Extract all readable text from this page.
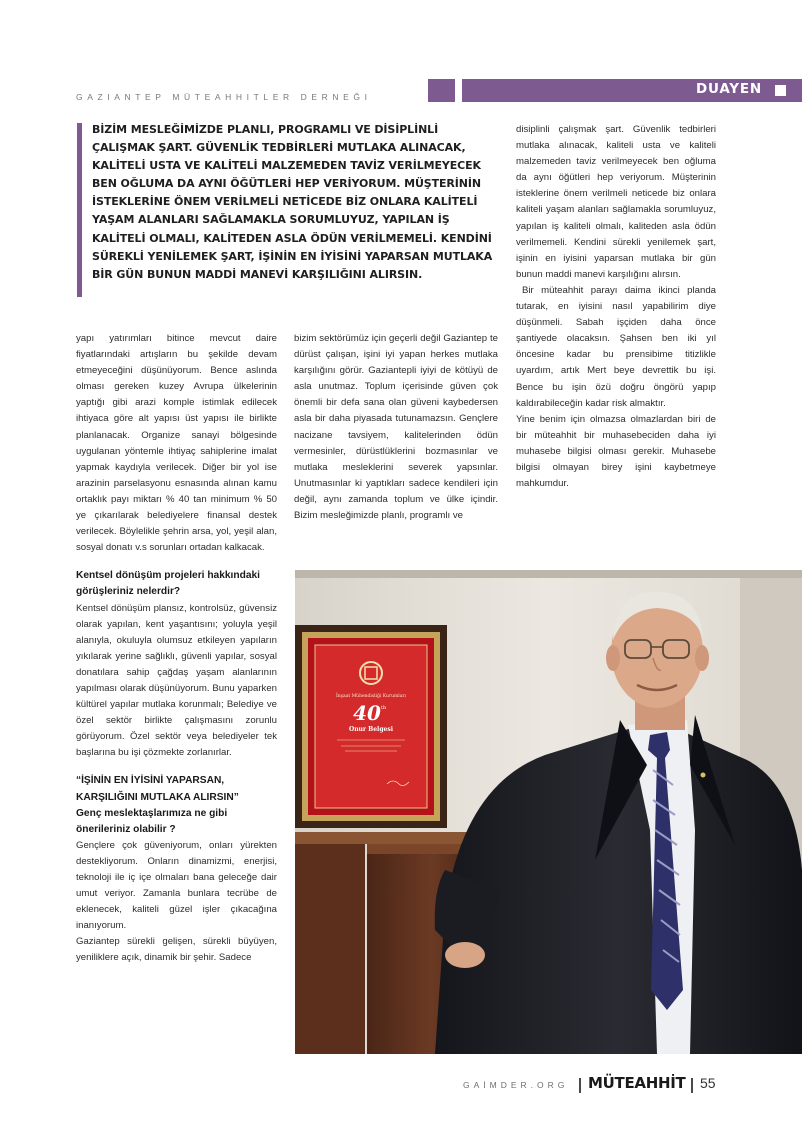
GAZIANTEP MÜTEAHHITLER DERNEĞI	DUAYEN
BİZİM MESLEĞİMİZDE PLANLI, PROGRAMLI VE DİSİPLİNLİ ÇALIŞMAK ŞART. GÜVENLİK TEDBİRLERİ MUTLAKA ALINACAK, KALİTELİ USTA VE KALİTELİ MALZEMEDEN TAVİZ VERİLMEYECEK BEN OĞLUMA DA AYNI ÖĞÜTLERİ HEP VERİYORUM. MÜŞTERİNİN İSTEKLERİNE ÖNEM VERİLMELİ NETİCEDE BİZ ONLARA KALİTELİ YAŞAM ALANLARI SAĞLAMAKLA SORUMLUYUZ, YAPILAN İŞ KALİTELİ OLMALI, KALİTEDEN ASLA ÖDÜN VERİLMEMELİ. KENDİNİ SÜREKLİ YENİLEMEK ŞART, İŞİNİN EN İYİSİNİ YAPARSAN MUTLAKA BİR GÜN BUNUN MADDİ MANEVİ KARŞILIĞINI ALIRSIN.

yapı yatırımları bitince mevcut daire fiyatlarındaki artışların bu şekilde devam etmeyeceğini düşünüyorum. Bence aslında olması gereken kuzey Avrupa ülkelerinin yaptığı gibi arazi komple istimlak edilecek ihtiyaca göre alt yapısı üst yapısı ile birlikte planlanacak. Organize sanayi bölgesinde uygulanan yöntemle ihtiyaç sahiplerine imalat yapmak kaydıyla verilecek. Diğer bir yol ise arazinin parselasyonu esnasında alınan kamu ortaklık payı miktarı % 40 tan minimum % 50 ye çıkarılarak belediyelere finansal destek verilecek. Böylelikle şehrin arsa, yol, yeşil alan, sosyal donatı v.s sorunları ortadan kalkacak.

Kentsel dönüşüm projeleri hakkındaki görüşleriniz nelerdir?

Kentsel dönüşüm plansız, kontrolsüz, güvensiz olarak yapılan, kent yaşantısını; yoluyla yeşil alanıyla, okuluyla olumsuz etkileyen yapıların yıkılarak yerine sağlıklı, güvenli yapılar, sosyal donatılara sahip çağdaş yaşam alanlarının yapılması olarak düşünüyorum. Bunu yaparken kültürel yapılar mutlaka korunmalı; Belediye ve özel sektör birlikte çalışmasını zorunlu görüyorum. Özel sektör veya belediyeler tek başlarına bu işi çözmekte zorlanırlar.

“İŞİNİN EN İYİSİNİ YAPARSAN, KARŞILIĞINI MUTLAKA ALIRSIN”
Genç meslektaşlarımıza ne gibi önerileriniz olabilir ?

Gençlere çok güveniyorum, onları yürekten destekliyorum. Onların dinamizmi, enerjisi, teknoloji ile iç içe olmaları bana geleceğe dair umut veriyor. Zamanla bunlara tecrübe de eklenecek, kaliteli güzel işler çıkacağına inanıyorum.

Gaziantep sürekli gelişen, sürekli büyüyen, yeniliklere açık, dinamik bir şehir. Sadece

bizim sektörümüz için geçerli değil Gaziantep te dürüst çalışan, işini iyi yapan herkes mutlaka karşılığını görür. Gaziantepli iyiyi de kötüyü de asla unutmaz. Toplum içerisinde güven çok önemli bir defa sana olan güveni kaybedersen asla bir daha piyasada tutunamazsın. Gençlere nacizane tavsiyem, kalitelerinden ödün vermesinler, dürüstlüklerini bozmasınlar ve mutlaka mesleklerini severek yapsınlar. Unutmasınlar ki yaptıkları sadece kendileri için değil, aynı zamanda toplum ve ülke içindir. Bizim mesleğimizde planlı, programlı ve

disiplinli çalışmak şart. Güvenlik tedbirleri mutlaka alınacak, kaliteli usta ve kaliteli malzemeden taviz verilmeyecek ben oğluma da aynı öğütleri hep veriyorum. Müşterinin isteklerine önem verilmeli neticede biz onlara kaliteli yaşam alanları sağlamakla sorumluyuz, yapılan iş kaliteli olmalı, kaliteden asla ödün verilmemeli. Kendini sürekli yenilemek şart, işinin en iyisini yaparsan mutlaka bir gün bunun maddi manevi karşılığını alırsın.

Bir müteahhit parayı daima ikinci planda tutarak, en iyisini nasıl yapabilirim diye düşünmeli. Sabah işçiden daha önce şantiyede olacaksın. Şahsen ben iki yıl öncesine kadar bu prensibime titizlikle uyardım, artık Mert beye devrettik bu işi. Bence bu işin özü doğru öngörü yapıp kaldırabileceğin kadar risk almaktır.

Yine benim için olmazsa olmazlardan biri de bir müteahhit bir muhasebeciden daha iyi muhasebe bilgisi olması gerekir. Muhasebe bilgisi olmayan birey işini kaybetmeye mahkumdur.

İnşaat Mühendisliği Kurumları
40 th
Onur Belgesi
GAİMDER.ORG MÜTEAHHİT 55
